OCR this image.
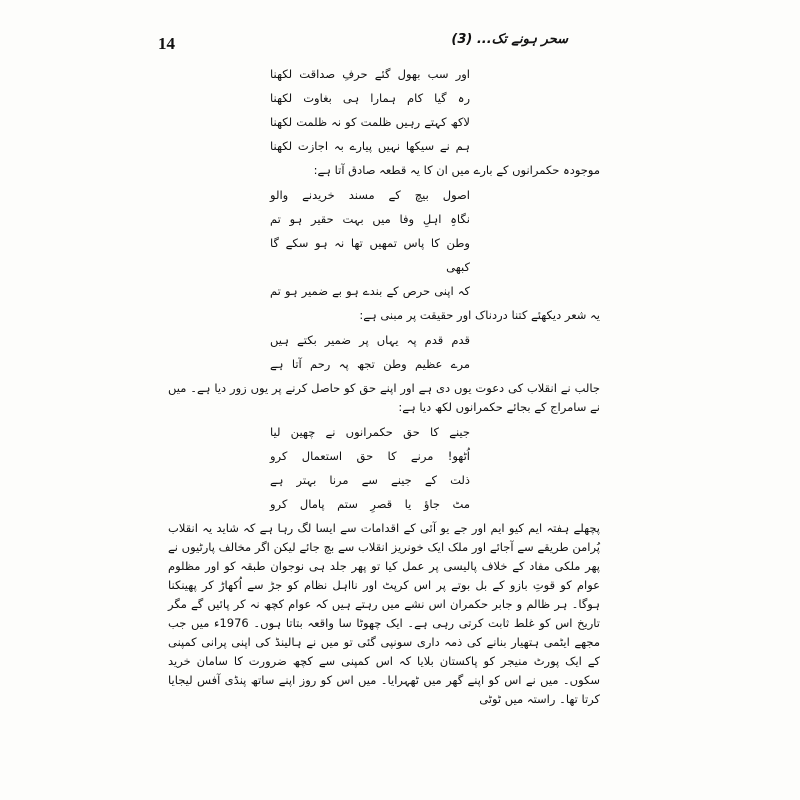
14	سحر ہونے تک... (3)
اور سب بھول گئے حرفِ صداقت لکھنا
رہ گیا کام ہمارا ہی بغاوت لکھنا
لاکھ کہتے رہیں ظلمت کو نہ ظلمت لکھنا
ہم نے سیکھا نہیں پیارے بہ اجازت لکھنا
موجودہ حکمرانوں کے بارے میں ان کا یہ قطعہ صادق آتا ہے:
اصول بیچ کے مسند خریدنے والو
نگاہِ اہلِ وفا میں بہت حقیر ہو تم
وطن کا پاس تمھیں تھا نہ ہو سکے گا کبھی
کہ اپنی حرص کے بندے ہو بے ضمیر ہو تم
یہ شعر دیکھئے کتنا دردناک اور حقیقت پر مبنی ہے:
قدم قدم پہ یہاں پر ضمیر بکتے ہیں
مرے عظیم وطن تجھ پہ رحم آتا ہے
جالب نے انقلاب کی دعوت یوں دی ہے اور اپنے حق کو حاصل کرنے پر یوں زور دیا ہے۔ میں نے سامراج کے بجائے حکمرانوں لکھ دیا ہے:
جینے کا حق حکمرانوں نے چھین لیا
اُٹھو! مرنے کا حق استعمال کرو
ذلت کے جینے سے مرنا بہتر ہے
مٹ جاؤ یا قصرِ ستم پامال کرو
پچھلے ہفتہ ایم کیو ایم اور جے یو آئی کے اقدامات سے ایسا لگ رہا ہے کہ شاید یہ انقلاب پُرامن طریقے سے آجائے اور ملک ایک خونریز انقلاب سے بچ جائے لیکن اگر مخالف پارٹیوں نے پھر ملکی مفاد کے خلاف پالیسی پر عمل کیا تو پھر جلد ہی نوجوان طبقہ کو اور مظلوم عوام کو قوتِ بازو کے بل بوتے پر اس کرپٹ اور نااہل نظام کو جڑ سے اُکھاڑ کر پھینکنا ہوگا۔ ہر ظالم و جابر حکمران اس نشے میں رہتے ہیں کہ عوام کچھ نہ کر پائیں گے مگر تاریخ اس کو غلط ثابت کرتی رہی ہے۔ ایک چھوٹا سا واقعہ بتاتا ہوں۔ 1976ء میں جب مجھے ایٹمی ہتھیار بنانے کی ذمہ داری سونپی گئی تو میں نے ہالینڈ کی اپنی پرانی کمپنی کے ایک پورٹ منیجر کو پاکستان بلایا کہ اس کمپنی سے کچھ ضرورت کا سامان خرید سکوں۔ میں نے اس کو اپنے گھر میں ٹھہرایا۔ میں اس کو روز اپنے ساتھ پنڈی آفس لیجایا کرتا تھا۔ راستہ میں ٹوٹی
